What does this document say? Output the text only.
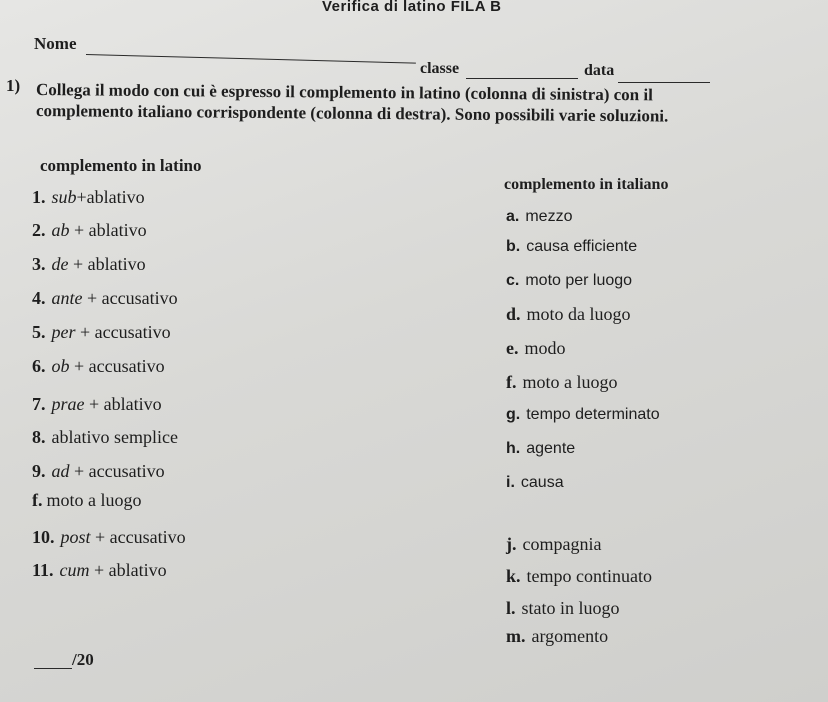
Verifica di latino FILA B
Nome
classe	data
1) Collega il modo con cui è espresso il complemento in latino (colonna di sinistra) con il
complemento italiano corrispondente (colonna di destra). Sono possibili varie soluzioni.
complemento in latino
complemento in italiano
1. sub+ablativo
2. ab + ablativo
3. de + ablativo
4. ante + accusativo
5. per + accusativo
6. ob + accusativo
7. prae + ablativo
8. ablativo semplice
9. ad + accusativo
f. moto a luogo
10. post + accusativo
11. cum + ablativo
a. mezzo
b. causa efficiente
c. moto per luogo
d. moto da luogo
e. modo
f. moto a luogo
g. tempo determinato
h. agente
i. causa
j. compagnia
k. tempo continuato
l. stato in luogo
m. argomento
/20
